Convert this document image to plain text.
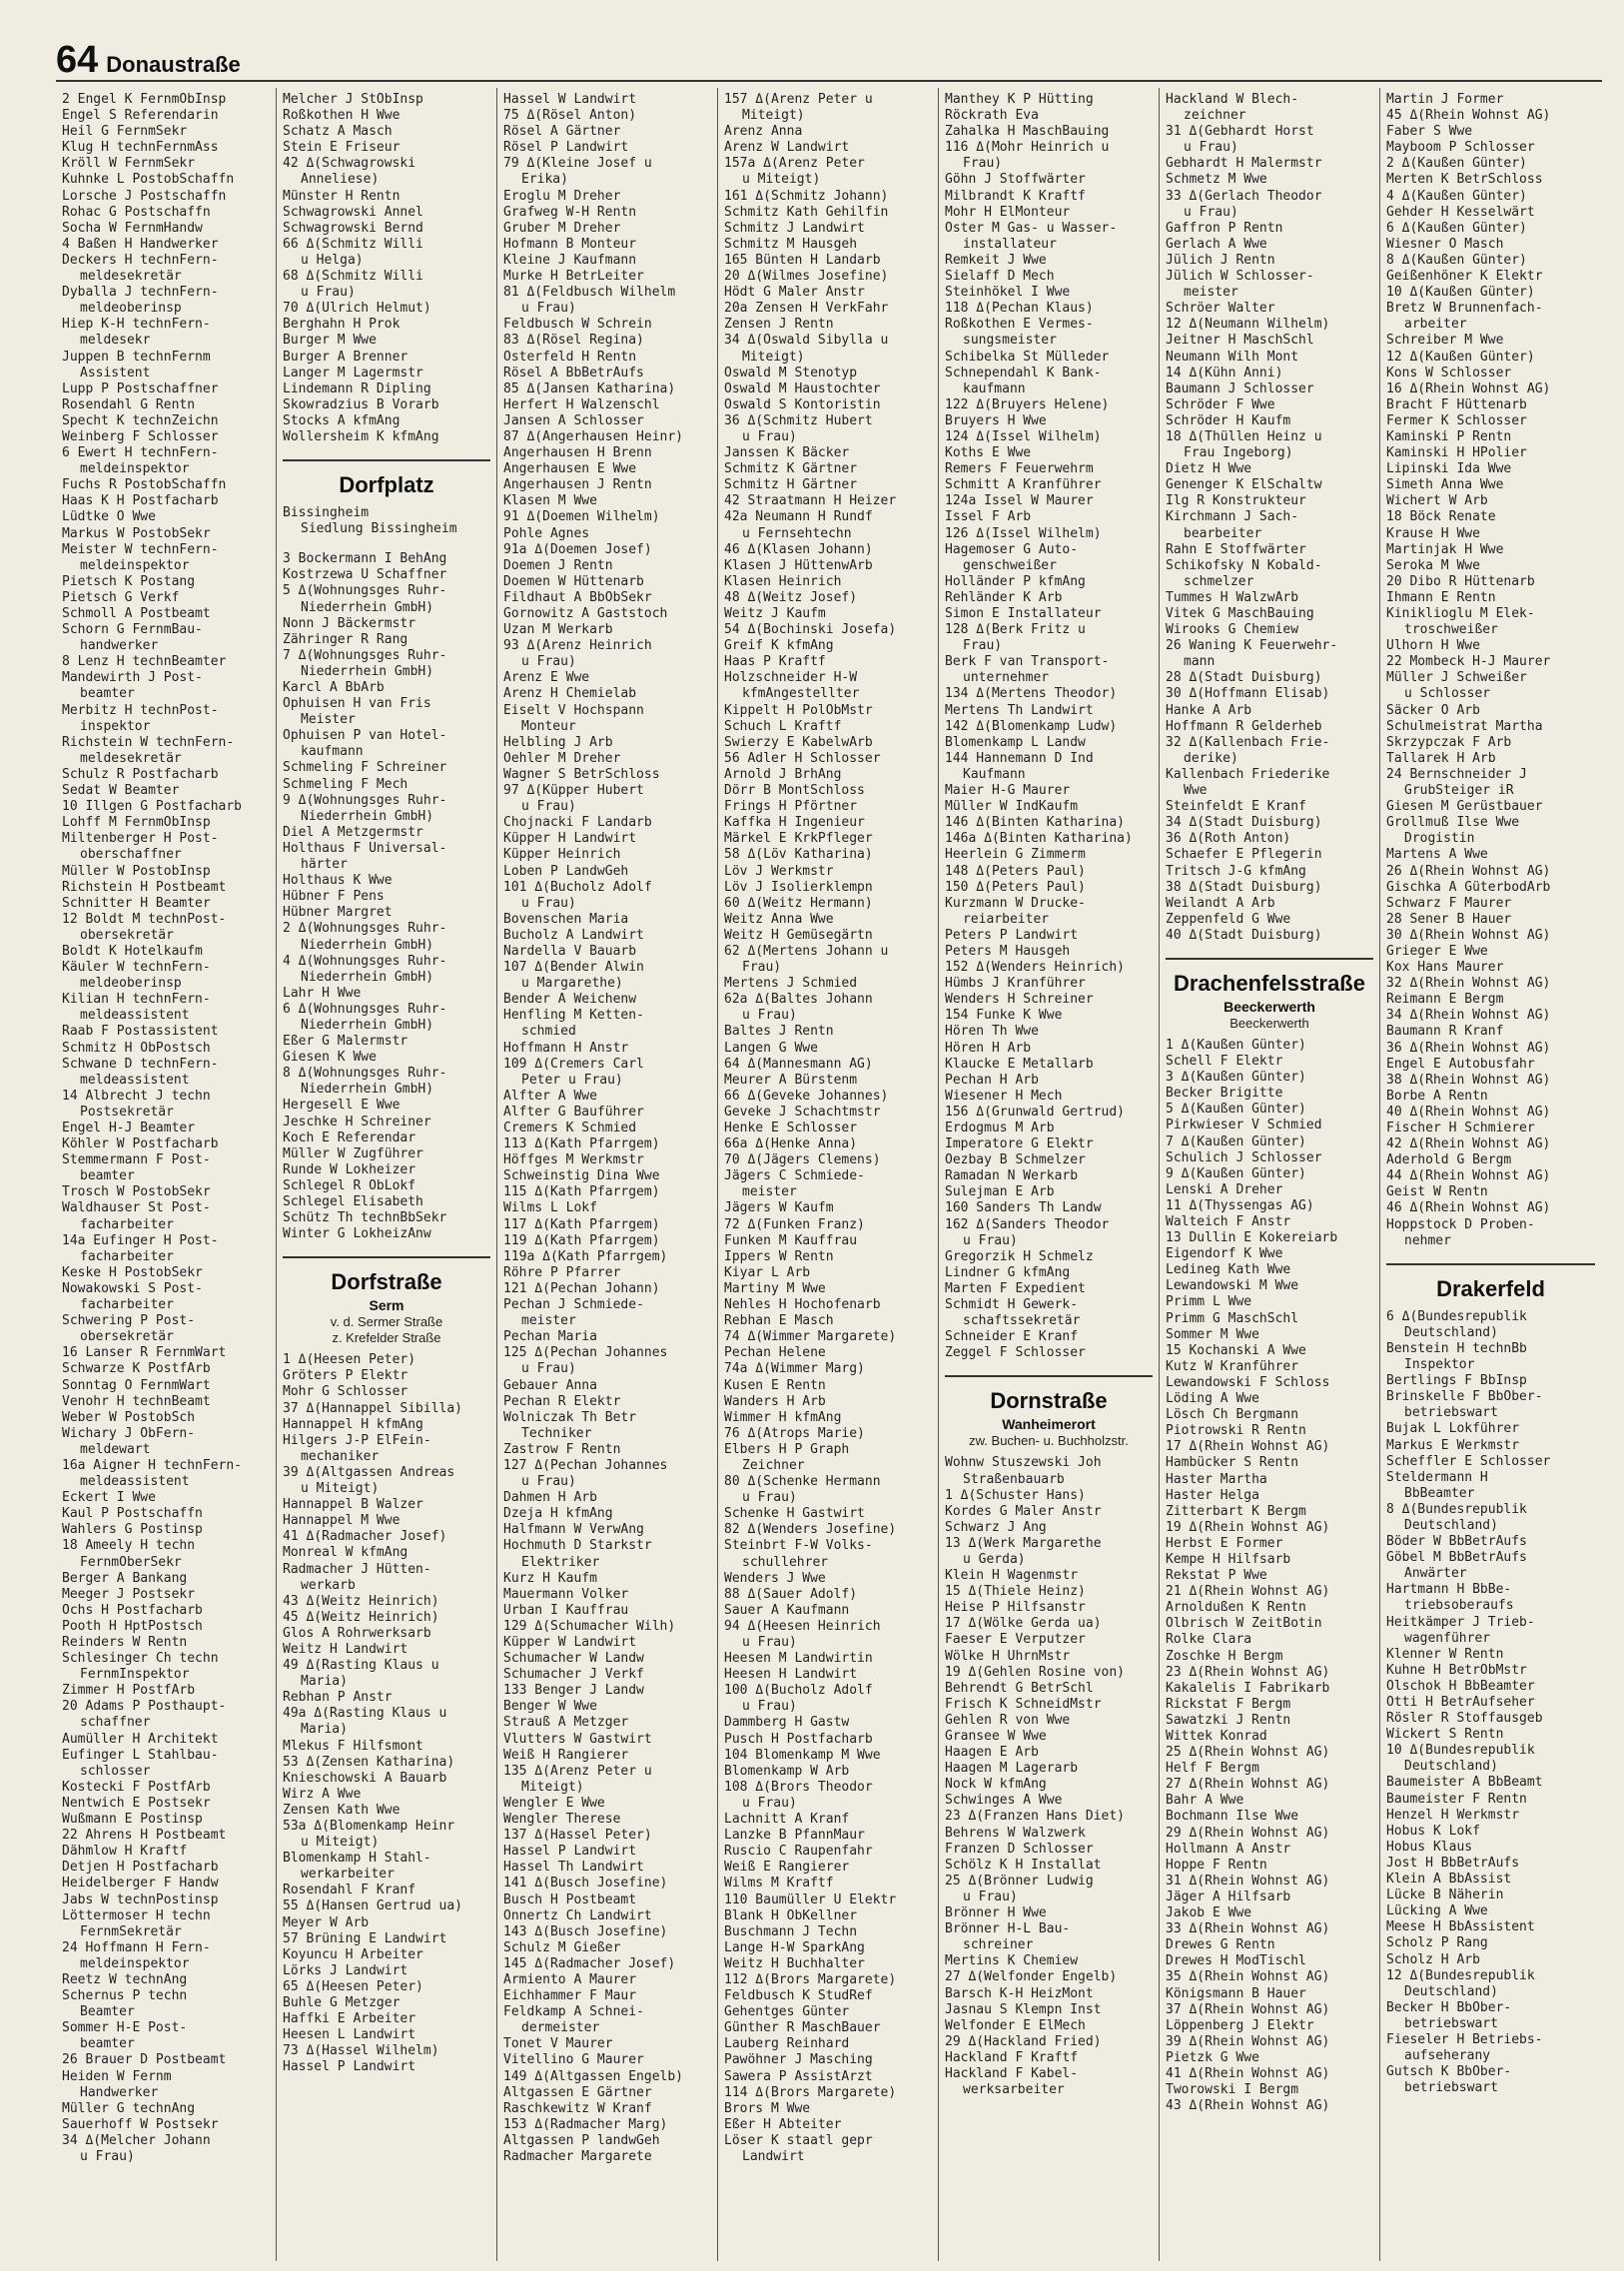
64 Donaustraße
2 Engel K FernmObInsp
Engel S Referendarin
Heil G FernmSekr
Klug H technFernmAss
Kröll W FernmSekr
Kuhnke L PostobSchaffn
Lorsche J Postschaffn
Rohac G Postschaffn
Socha W FernmHandw
4 Baßen H Handwerker
Deckers H technFern-
meldesekretär
Dyballa J technFern-
meldeoberinsp
Hiep K-H technFern-
meldesekr
Juppen B technFernm
Assistent
Lupp P Postschaffner
Rosendahl G Rentn
Specht K technZeichn
Weinberg F Schlosser
6 Ewert H technFern-
meldeinspektor
Fuchs R PostobSchaffn
Haas K H Postfacharb
Lüdtke O Wwe
Markus W PostobSekr
Meister W technFern-
meldeinspektor
Pietsch K Postang
Pietsch G Verkf
Schmoll A Postbeamt
Schorn G FernmBau-
handwerker
8 Lenz H technBeamter
Mandewirth J Post-
beamter
Merbitz H technPost-
inspektor
Richstein W technFern-
meldesekretär
Schulz R Postfacharb
Sedat W Beamter
10 Illgen G Postfacharb
Lohff M FernmObInsp
Miltenberger H Post-
oberschaffner
Müller W PostobInsp
Richstein H Postbeamt
Schnitter H Beamter
12 Boldt M technPost-
obersekretär
Boldt K Hotelkaufm
Käuler W technFern-
meldeoberinsp
Kilian H technFern-
meldeassistent
Raab F Postassistent
Schmitz H ObPostsch
Schwane D technFern-
meldeassistent
14 Albrecht J techn
Postsekretär
Engel H-J Beamter
Köhler W Postfacharb
Stemmermann F Post-
beamter
Trosch W PostobSekr
Waldhauser St Post-
facharbeiter
14a Eufinger H Post-
facharbeiter
Keske H PostobSekr
Nowakowski S Post-
facharbeiter
Schwering P Post-
obersekretär
16 Lanser R FernmWart
Schwarze K PostfArb
Sonntag O FernmWart
Venohr H technBeamt
Weber W PostobSch
Wichary J ObFern-
meldewart
16a Aigner H technFern-
meldeassistent
Eckert I Wwe
Kaul P Postschaffn
Wahlers G Postinsp
18 Ameely H techn
FernmOberSekr
Berger A Bankang
Meeger J Postsekr
Ochs H Postfacharb
Pooth H HptPostsch
Reinders W Rentn
Schlesinger Ch techn
FernmInspektor
Zimmer H PostfArb
20 Adams P Posthaupt-
schaffner
Aumüller H Architekt
Eufinger L Stahlbau-
schlosser
Kostecki F PostfArb
Nentwich E Postsekr
Wußmann E Postinsp
22 Ahrens H Postbeamt
Dähmlow H Kraftf
Detjen H Postfacharb
Heidelberger F Handw
Jabs W technPostinsp
Löttermoser H techn
FernmSekretär
24 Hoffmann H Fern-
meldeinspektor
Reetz W technAng
Schernus P techn
Beamter
Sommer H-E Post-
beamter
26 Brauer D Postbeamt
Heiden W Fernm
Handwerker
Müller G technAng
Sauerhoff W Postsekr
34 Δ(Melcher Johann
u Frau)
Melcher J StObInsp
Roßkothen H Wwe
Schatz A Masch
Stein E Friseur
42 Δ(Schwagrowski
Anneliese)
Münster H Rentn
Schwagrowski Annel
Schwagrowski Bernd
66 Δ(Schmitz Willi
u Helga)
68 Δ(Schmitz Willi
u Frau)
70 Δ(Ulrich Helmut)
Berghahn H Prok
Burger M Wwe
Burger A Brenner
Langer M Lagermstr
Lindemann R Dipling
Skowradzius B Vorarb
Stocks A kfmAng
Wollersheim K kfmAng
Dorfplatz
Bissingheim
Siedlung Bissingheim
3 Bockermann I BehAng
Kostrzewa U Schaffner
5 Δ(Wohnungsges Ruhr-
Niederrhein GmbH)
Nonn J Bäckermstr
Zähringer R Rang
7 Δ(Wohnungsges Ruhr-
Niederrhein GmbH)
Karcl A BbArb
Ophuisen H van Fris
Meister
Ophuisen P van Hotel-
kaufmann
Schmeling F Schreiner
Schmeling F Mech
9 Δ(Wohnungsges Ruhr-
Niederrhein GmbH)
Diel A Metzgermstr
Holthaus F Universal-
härter
Holthaus K Wwe
Hübner F Pens
Hübner Margret
2 Δ(Wohnungsges Ruhr-
Niederrhein GmbH)
4 Δ(Wohnungsges Ruhr-
Niederrhein GmbH)
Lahr H Wwe
6 Δ(Wohnungsges Ruhr-
Niederrhein GmbH)
Eßer G Malermstr
Giesen K Wwe
8 Δ(Wohnungsges Ruhr-
Niederrhein GmbH)
Hergesell E Wwe
Jeschke H Schreiner
Koch E Referendar
Müller W Zugführer
Runde W Lokheizer
Schlegel R ObLokf
Schlegel Elisabeth
Schütz Th technBbSekr
Winter G LokheizAnw
Dorfstraße
Serm
v. d. Sermer Straße
z. Krefelder Straße
1 Δ(Heesen Peter)
Gröters P Elektr
Mohr G Schlosser
37 Δ(Hannappel Sibilla)
Hannappel H kfmAng
Hilgers J-P ElFein-
mechaniker
39 Δ(Altgassen Andreas
u Miteigt)
Hannappel B Walzer
Hannappel M Wwe
41 Δ(Radmacher Josef)
Monreal W kfmAng
Radmacher J Hütten-
werkarb
43 Δ(Weitz Heinrich)
45 Δ(Weitz Heinrich)
Glos A Rohrwerksarb
Weitz H Landwirt
49 Δ(Rasting Klaus u
Maria)
Rebhan P Anstr
49a Δ(Rasting Klaus u
Maria)
Mlekus F Hilfsmont
53 Δ(Zensen Katharina)
Knieschowski A Bauarb
Wirz A Wwe
Zensen Kath Wwe
53a Δ(Blomenkamp Heinr
u Miteigt)
Blomenkamp H Stahl-
werkarbeiter
Rosendahl F Kranf
55 Δ(Hansen Gertrud ua)
Meyer W Arb
57 Brüning E Landwirt
Koyuncu H Arbeiter
Lörks J Landwirt
65 Δ(Heesen Peter)
Buhle G Metzger
Haffki E Arbeiter
Heesen L Landwirt
73 Δ(Hassel Wilhelm)
Hassel P Landwirt
Hassel W Landwirt
75 Δ(Rösel Anton)
Rösel A Gärtner
Rösel P Landwirt
79 Δ(Kleine Josef u
Erika)
Eroglu M Dreher
Grafweg W-H Rentn
Gruber M Dreher
Hofmann B Monteur
Kleine J Kaufmann
Murke H BetrLeiter
81 Δ(Feldbusch Wilhelm
u Frau)
Feldbusch W Schrein
83 Δ(Rösel Regina)
Osterfeld H Rentn
Rösel A BbBetrAufs
85 Δ(Jansen Katharina)
Herfert H Walzenschl
Jansen A Schlosser
87 Δ(Angerhausen Heinr)
Angerhausen H Brenn
Angerhausen E Wwe
Angerhausen J Rentn
Klasen M Wwe
91 Δ(Doemen Wilhelm)
Pohle Agnes
91a Δ(Doemen Josef)
Doemen J Rentn
Doemen W Hüttenarb
Fildhaut A BbObSekr
Gornowitz A Gaststoch
Uzan M Werkarb
93 Δ(Arenz Heinrich
u Frau)
Arenz E Wwe
Arenz H Chemielab
Eiselt V Hochspann
Monteur
Helbling J Arb
Oehler M Dreher
Wagner S BetrSchloss
97 Δ(Küpper Hubert
u Frau)
Chojnacki F Landarb
Küpper H Landwirt
Küpper Heinrich
Loben P LandwGeh
101 Δ(Bucholz Adolf
u Frau)
Bovenschen Maria
Bucholz A Landwirt
Nardella V Bauarb
107 Δ(Bender Alwin
u Margarethe)
Bender A Weichenw
Henfling M Ketten-
schmied
Hoffmann H Anstr
109 Δ(Cremers Carl
Peter u Frau)
Alfter A Wwe
Alfter G Bauführer
Cremers K Schmied
113 Δ(Kath Pfarrgem)
Höffges M Werkmstr
Schweinstig Dina Wwe
115 Δ(Kath Pfarrgem)
Wilms L Lokf
117 Δ(Kath Pfarrgem)
119 Δ(Kath Pfarrgem)
119a Δ(Kath Pfarrgem)
Röhre P Pfarrer
121 Δ(Pechan Johann)
Pechan J Schmiede-
meister
Pechan Maria
125 Δ(Pechan Johannes
u Frau)
Gebauer Anna
Pechan R Elektr
Wolniczak Th Betr
Techniker
Zastrow F Rentn
127 Δ(Pechan Johannes
u Frau)
Dahmen H Arb
Dzeja H kfmAng
Halfmann W VerwAng
Hochmuth D Starkstr
Elektriker
Kurz H Kaufm
Mauermann Volker
Urban I Kauffrau
129 Δ(Schumacher Wilh)
Küpper W Landwirt
Schumacher W Landw
Schumacher J Verkf
133 Benger J Landw
Benger W Wwe
Strauß A Metzger
Vlutters W Gastwirt
Weiß H Rangierer
135 Δ(Arenz Peter u
Miteigt)
Wengler E Wwe
Wengler Therese
137 Δ(Hassel Peter)
Hassel P Landwirt
Hassel Th Landwirt
141 Δ(Busch Josefine)
Busch H Postbeamt
Onnertz Ch Landwirt
143 Δ(Busch Josefine)
Schulz M Gießer
145 Δ(Radmacher Josef)
Armiento A Maurer
Eichhammer F Maur
Feldkamp A Schnei-
dermeister
Tonet V Maurer
Vitellino G Maurer
149 Δ(Altgassen Engelb)
Altgassen E Gärtner
Raschkewitz W Kranf
153 Δ(Radmacher Marg)
Altgassen P landwGeh
Radmacher Margarete
157 Δ(Arenz Peter u
Miteigt)
Arenz Anna
Arenz W Landwirt
157a Δ(Arenz Peter
u Miteigt)
161 Δ(Schmitz Johann)
Schmitz Kath Gehilfin
Schmitz J Landwirt
Schmitz M Hausgeh
165 Bünten H Landarb
20 Δ(Wilmes Josefine)
Hödt G Maler Anstr
20a Zensen H VerkFahr
Zensen J Rentn
34 Δ(Oswald Sibylla u
Miteigt)
Oswald M Stenotyp
Oswald M Haustochter
Oswald S Kontoristin
36 Δ(Schmitz Hubert
u Frau)
Janssen K Bäcker
Schmitz K Gärtner
Schmitz H Gärtner
42 Straatmann H Heizer
42a Neumann H Rundf
u Fernsehtechn
46 Δ(Klasen Johann)
Klasen J HüttenwArb
Klasen Heinrich
48 Δ(Weitz Josef)
Weitz J Kaufm
54 Δ(Bochinski Josefa)
Greif K kfmAng
Haas P Kraftf
Holzschneider H-W
kfmAngestellter
Kippelt H PolObMstr
Schuch L Kraftf
Swierzy E KabelwArb
56 Adler H Schlosser
Arnold J BrhAng
Dörr B MontSchloss
Frings H Pförtner
Kaffka H Ingenieur
Märkel E KrkPfleger
58 Δ(Löv Katharina)
Löv J Werkmstr
Löv J Isolierklempn
60 Δ(Weitz Hermann)
Weitz Anna Wwe
Weitz H Gemüsegärtn
62 Δ(Mertens Johann u
Frau)
Mertens J Schmied
62a Δ(Baltes Johann
u Frau)
Baltes J Rentn
Langen G Wwe
64 Δ(Mannesmann AG)
Meurer A Bürstenm
66 Δ(Geveke Johannes)
Geveke J Schachtmstr
Henke E Schlosser
66a Δ(Henke Anna)
70 Δ(Jägers Clemens)
Jägers C Schmiede-
meister
Jägers W Kaufm
72 Δ(Funken Franz)
Funken M Kauffrau
Ippers W Rentn
Kiyar L Arb
Martiny M Wwe
Nehles H Hochofenarb
Rebhan E Masch
74 Δ(Wimmer Margarete)
Pechan Helene
74a Δ(Wimmer Marg)
Kusen E Rentn
Wanders H Arb
Wimmer H kfmAng
76 Δ(Atrops Marie)
Elbers H P Graph
Zeichner
80 Δ(Schenke Hermann
u Frau)
Schenke H Gastwirt
82 Δ(Wenders Josefine)
Steinbrt F-W Volks-
schullehrer
Wenders J Wwe
88 Δ(Sauer Adolf)
Sauer A Kaufmann
94 Δ(Heesen Heinrich
u Frau)
Heesen M Landwirtin
Heesen H Landwirt
100 Δ(Bucholz Adolf
u Frau)
Dammberg H Gastw
Pusch H Postfacharb
104 Blomenkamp M Wwe
Blomenkamp W Arb
108 Δ(Brors Theodor
u Frau)
Lachnitt A Kranf
Lanzke B PfannMaur
Ruscio C Raupenfahr
Weiß E Rangierer
Wilms M Kraftf
110 Baumüller U Elektr
Blank H ObKellner
Buschmann J Techn
Lange H-W SparkAng
Weitz H Buchhalter
112 Δ(Brors Margarete)
Feldbusch K StudRef
Gehentges Günter
Günther R MaschBauer
Lauberg Reinhard
Pawöhner J Masching
Sawera P AssistÄrzt
114 Δ(Brors Margarete)
Brors M Wwe
Eßer H Abteiter
Löser K staatl gepr
Landwirt
Manthey K P Hütting
Röckrath Eva
Zahalka H MaschBauing
116 Δ(Mohr Heinrich u
Frau)
Göhn J Stoffwärter
Milbrandt K Kraftf
Mohr H ElMonteur
Oster M Gas- u Wasser-
installateur
Remkeit J Wwe
Sielaff D Mech
Steinhökel I Wwe
118 Δ(Pechan Klaus)
Roßkothen E Vermes-
sungsmeister
Schibelka St Mülleder
Schnependahl K Bank-
kaufmann
122 Δ(Bruyers Helene)
Bruyers H Wwe
124 Δ(Issel Wilhelm)
Koths E Wwe
Remers F Feuerwehrm
Schmitt A Kranführer
124a Issel W Maurer
Issel F Arb
126 Δ(Issel Wilhelm)
Hagemoser G Auto-
genschweißer
Holländer P kfmAng
Rehländer K Arb
Simon E Installateur
128 Δ(Berk Fritz u
Frau)
Berk F van Transport-
unternehmer
134 Δ(Mertens Theodor)
Mertens Th Landwirt
142 Δ(Blomenkamp Ludw)
Blomenkamp L Landw
144 Hannemann D Ind
Kaufmann
Maier H-G Maurer
Müller W IndKaufm
146 Δ(Binten Katharina)
146a Δ(Binten Katharina)
Heerlein G Zimmerm
148 Δ(Peters Paul)
150 Δ(Peters Paul)
Kurzmann W Drucke-
reiarbeiter
Peters P Landwirt
Peters M Hausgeh
152 Δ(Wenders Heinrich)
Hümbs J Kranführer
Wenders H Schreiner
154 Funke K Wwe
Hören Th Wwe
Hören H Arb
Klaucke E Metallarb
Pechan H Arb
Wiesener H Mech
156 Δ(Grunwald Gertrud)
Erdogmus M Arb
Imperatore G Elektr
Oezbay B Schmelzer
Ramadan N Werkarb
Sulejman E Arb
160 Sanders Th Landw
162 Δ(Sanders Theodor
u Frau)
Gregorzik H Schmelz
Lindner G kfmAng
Marten F Expedient
Schmidt H Gewerk-
schaftssekretär
Schneider E Kranf
Zeggel F Schlosser
Dornstraße
Wanheimerort
zw. Buchen- u. Buchholzstr.
Wohnw Stuszewski Joh
Straßenbauarb
1 Δ(Schuster Hans)
Kordes G Maler Anstr
Schwarz J Ang
13 Δ(Werk Margarethe
u Gerda)
Klein H Wagenmstr
15 Δ(Thiele Heinz)
Heise P Hilfsanstr
17 Δ(Wölke Gerda ua)
Faeser E Verputzer
Wölke H UhrnMstr
19 Δ(Gehlen Rosine von)
Behrendt G BetrSchl
Frisch K SchneidMstr
Gehlen R von Wwe
Gransee W Wwe
Haagen E Arb
Haagen M Lagerarb
Nock W kfmAng
Schwinges A Wwe
23 Δ(Franzen Hans Diet)
Behrens W Walzwerk
Franzen D Schlosser
Schölz K H Installat
25 Δ(Brönner Ludwig
u Frau)
Brönner H Wwe
Brönner H-L Bau-
schreiner
Mertins K Chemiew
27 Δ(Welfonder Engelb)
Barsch K-H HeizMont
Jasnau S Klempn Inst
Welfonder E ElMech
29 Δ(Hackland Fried)
Hackland F Kraftf
Hackland F Kabel-
werksarbeiter
Hackland W Blech-
zeichner
31 Δ(Gebhardt Horst
u Frau)
Gebhardt H Malermstr
Schmetz M Wwe
33 Δ(Gerlach Theodor
u Frau)
Gaffron P Rentn
Gerlach A Wwe
Jülich J Rentn
Jülich W Schlosser-
meister
Schröer Walter
12 Δ(Neumann Wilhelm)
Jeitner H MaschSchl
Neumann Wilh Mont
14 Δ(Kühn Anni)
Baumann J Schlosser
Schröder F Wwe
Schröder H Kaufm
18 Δ(Thüllen Heinz u
Frau Ingeborg)
Dietz H Wwe
Genenger K ElSchaltw
Ilg R Konstrukteur
Kirchmann J Sach-
bearbeiter
Rahn E Stoffwärter
Schikofsky N Kobald-
schmelzer
Tummes H WalzwArb
Vitek G MaschBauing
Wirooks G Chemiew
26 Waning K Feuerwehr-
mann
28 Δ(Stadt Duisburg)
30 Δ(Hoffmann Elisab)
Hanke A Arb
Hoffmann R Gelderheb
32 Δ(Kallenbach Frie-
derike)
Kallenbach Friederike
Wwe
Steinfeldt E Kranf
34 Δ(Stadt Duisburg)
36 Δ(Roth Anton)
Schaefer E Pflegerin
Tritsch J-G kfmAng
38 Δ(Stadt Duisburg)
Weilandt A Arb
Zeppenfeld G Wwe
40 Δ(Stadt Duisburg)
Drachenfelsstraße
Beeckerwerth
Beeckerwerth
1 Δ(Kaußen Günter)
Schell F Elektr
3 Δ(Kaußen Günter)
Becker Brigitte
5 Δ(Kaußen Günter)
Pirkwieser V Schmied
7 Δ(Kaußen Günter)
Schulich J Schlosser
9 Δ(Kaußen Günter)
Lenski A Dreher
11 Δ(Thyssengas AG)
Walteich F Anstr
13 Dullin E Kokereiarb
Eigendorf K Wwe
Ledineg Kath Wwe
Lewandowski M Wwe
Primm L Wwe
Primm G MaschSchl
Sommer M Wwe
15 Kochanski A Wwe
Kutz W Kranführer
Lewandowski F Schloss
Löding A Wwe
Lösch Ch Bergmann
Piotrowski R Rentn
17 Δ(Rhein Wohnst AG)
Hambücker S Rentn
Haster Martha
Haster Helga
Zitterbart K Bergm
19 Δ(Rhein Wohnst AG)
Herbst E Former
Kempe H Hilfsarb
Rekstat P Wwe
21 Δ(Rhein Wohnst AG)
Arnoldußen K Rentn
Olbrisch W ZeitBotin
Rolke Clara
Zoschke H Bergm
23 Δ(Rhein Wohnst AG)
Kakalelis I Fabrikarb
Rickstat F Bergm
Sawatzki J Rentn
Wittek Konrad
25 Δ(Rhein Wohnst AG)
Helf F Bergm
27 Δ(Rhein Wohnst AG)
Bahr A Wwe
Bochmann Ilse Wwe
29 Δ(Rhein Wohnst AG)
Hollmann A Anstr
Hoppe F Rentn
31 Δ(Rhein Wohnst AG)
Jäger A Hilfsarb
Jakob E Wwe
33 Δ(Rhein Wohnst AG)
Drewes G Rentn
Drewes H ModTischl
35 Δ(Rhein Wohnst AG)
Königsmann B Hauer
37 Δ(Rhein Wohnst AG)
Löppenberg J Elektr
39 Δ(Rhein Wohnst AG)
Pietzk G Wwe
41 Δ(Rhein Wohnst AG)
Tworowski I Bergm
43 Δ(Rhein Wohnst AG)
Martin J Former
45 Δ(Rhein Wohnst AG)
Faber S Wwe
Mayboom P Schlosser
2 Δ(Kaußen Günter)
Merten K BetrSchloss
4 Δ(Kaußen Günter)
Gehder H Kesselwärt
6 Δ(Kaußen Günter)
Wiesner O Masch
8 Δ(Kaußen Günter)
Geißenhöner K Elektr
10 Δ(Kaußen Günter)
Bretz W Brunnenfach-
arbeiter
Schreiber M Wwe
12 Δ(Kaußen Günter)
Kons W Schlosser
16 Δ(Rhein Wohnst AG)
Bracht F Hüttenarb
Fermer K Schlosser
Kaminski P Rentn
Kaminski H HPolier
Lipinski Ida Wwe
Simeth Anna Wwe
Wichert W Arb
18 Böck Renate
Krause H Wwe
Martinjak H Wwe
Seroka M Wwe
20 Dibo R Hüttenarb
Ihmann E Rentn
Kiniklioglu M Elek-
troschweißer
Ulhorn H Wwe
22 Mombeck H-J Maurer
Müller J Schweißer
u Schlosser
Säcker O Arb
Schulmeistrat Martha
Skrzypczak F Arb
Tallarek H Arb
24 Bernschneider J
GrubSteiger iR
Giesen M Gerüstbauer
Grollmuß Ilse Wwe
Drogistin
Martens A Wwe
26 Δ(Rhein Wohnst AG)
Gischka A GüterbodArb
Schwarz F Maurer
28 Sener B Hauer
30 Δ(Rhein Wohnst AG)
Grieger E Wwe
Kox Hans Maurer
32 Δ(Rhein Wohnst AG)
Reimann E Bergm
34 Δ(Rhein Wohnst AG)
Baumann R Kranf
36 Δ(Rhein Wohnst AG)
Engel E Autobusfahr
38 Δ(Rhein Wohnst AG)
Borbe A Rentn
40 Δ(Rhein Wohnst AG)
Fischer H Schmierer
42 Δ(Rhein Wohnst AG)
Aderhold G Bergm
44 Δ(Rhein Wohnst AG)
Geist W Rentn
46 Δ(Rhein Wohnst AG)
Hoppstock D Proben-
nehmer
Drakerfeld
6 Δ(Bundesrepublik
Deutschland)
Benstein H technBb
Inspektor
Bertlings F BbInsp
Brinskelle F BbOber-
betriebswart
Bujak L Lokführer
Markus E Werkmstr
Scheffler E Schlosser
Steldermann H
BbBeamter
8 Δ(Bundesrepublik
Deutschland)
Böder W BbBetrAufs
Göbel M BbBetrAufs
Anwärter
Hartmann H BbBe-
triebsoberaufs
Heitkämper J Trieb-
wagenführer
Klenner W Rentn
Kuhne H BetrObMstr
Olschok H BbBeamter
Otti H BetrAufseher
Rösler R Stoffausgeb
Wickert S Rentn
10 Δ(Bundesrepublik
Deutschland)
Baumeister A BbBeamt
Baumeister F Rentn
Henzel H Werkmstr
Hobus K Lokf
Hobus Klaus
Jost H BbBetrAufs
Klein A BbAssist
Lücke B Näherin
Lücking A Wwe
Meese H BbAssistent
Scholz P Rang
Scholz H Arb
12 Δ(Bundesrepublik
Deutschland)
Becker H BbOber-
betriebswart
Fieseler H Betriebs-
aufseherany
Gutsch K BbOber-
betriebswart
